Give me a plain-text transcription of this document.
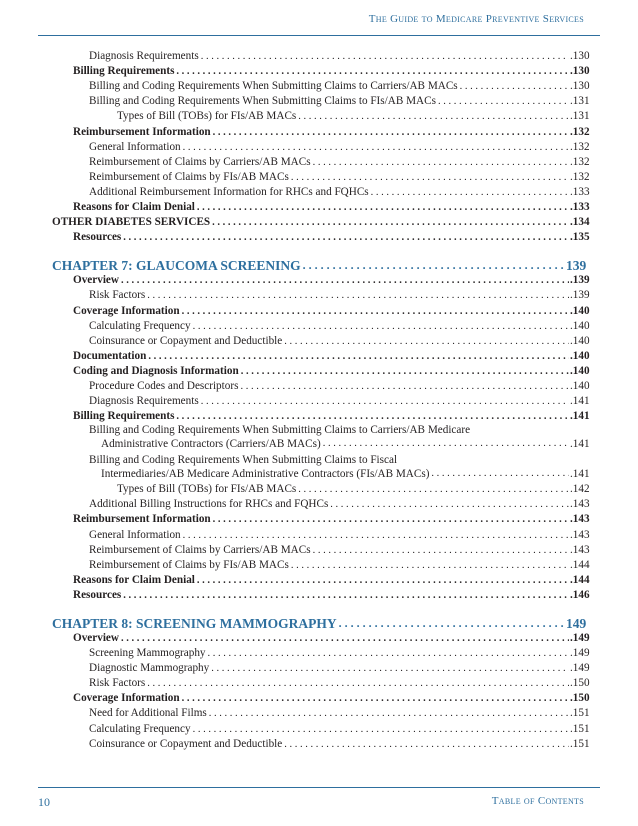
The Guide to Medicare Preventive Services
Diagnosis Requirements . . .	.130
Billing Requirements . . .	.130
Billing and Coding Requirements When Submitting Claims to Carriers/AB MACs . . .	.130
Billing and Coding Requirements When Submitting Claims to FIs/AB MACs . . .	.131
Types of Bill (TOBs) for FIs/AB MACs . . .	.131
Reimbursement Information . . .	.132
General Information . . .	.132
Reimbursement of Claims by Carriers/AB MACs . . .	.132
Reimbursement of Claims by FIs/AB MACs . . .	.132
Additional Reimbursement Information for RHCs and FQHCs . . .	.133
Reasons for Claim Denial . . .	.133
OTHER DIABETES SERVICES . . .	.134
Resources . . .	.135
CHAPTER 7: GLAUCOMA SCREENING . . .	139
Overview . . .	.139
Risk Factors . . .	.139
Coverage Information . . .	.140
Calculating Frequency . . .	.140
Coinsurance or Copayment and Deductible . . .	.140
Documentation . . .	.140
Coding and Diagnosis Information . . .	.140
Procedure Codes and Descriptors . . .	.140
Diagnosis Requirements . . .	.141
Billing Requirements . . .	.141
Billing and Coding Requirements When Submitting Claims to Carriers/AB Medicare
Administrative Contractors (Carriers/AB MACs) . . .	.141
Billing and Coding Requirements When Submitting Claims to Fiscal
Intermediaries/AB Medicare Administrative Contractors (FIs/AB MACs) . . .	.141
Types of Bill (TOBs) for FIs/AB MACs . . .	.142
Additional Billing Instructions for RHCs and FQHCs . . .	.143
Reimbursement Information . . .	.143
General Information . . .	.143
Reimbursement of Claims by Carriers/AB MACs . . .	.143
Reimbursement of Claims by FIs/AB MACs . . .	.144
Reasons for Claim Denial . . .	.144
Resources . . .	.146
CHAPTER 8: SCREENING MAMMOGRAPHY . . .	149
Overview . . .	.149
Screening Mammography . . .	.149
Diagnostic Mammography . . .	.149
Risk Factors . . .	.150
Coverage Information . . .	.150
Need for Additional Films . . .	.151
Calculating Frequency . . .	.151
Coinsurance or Copayment and Deductible . . .	.151
10	Table of Contents
